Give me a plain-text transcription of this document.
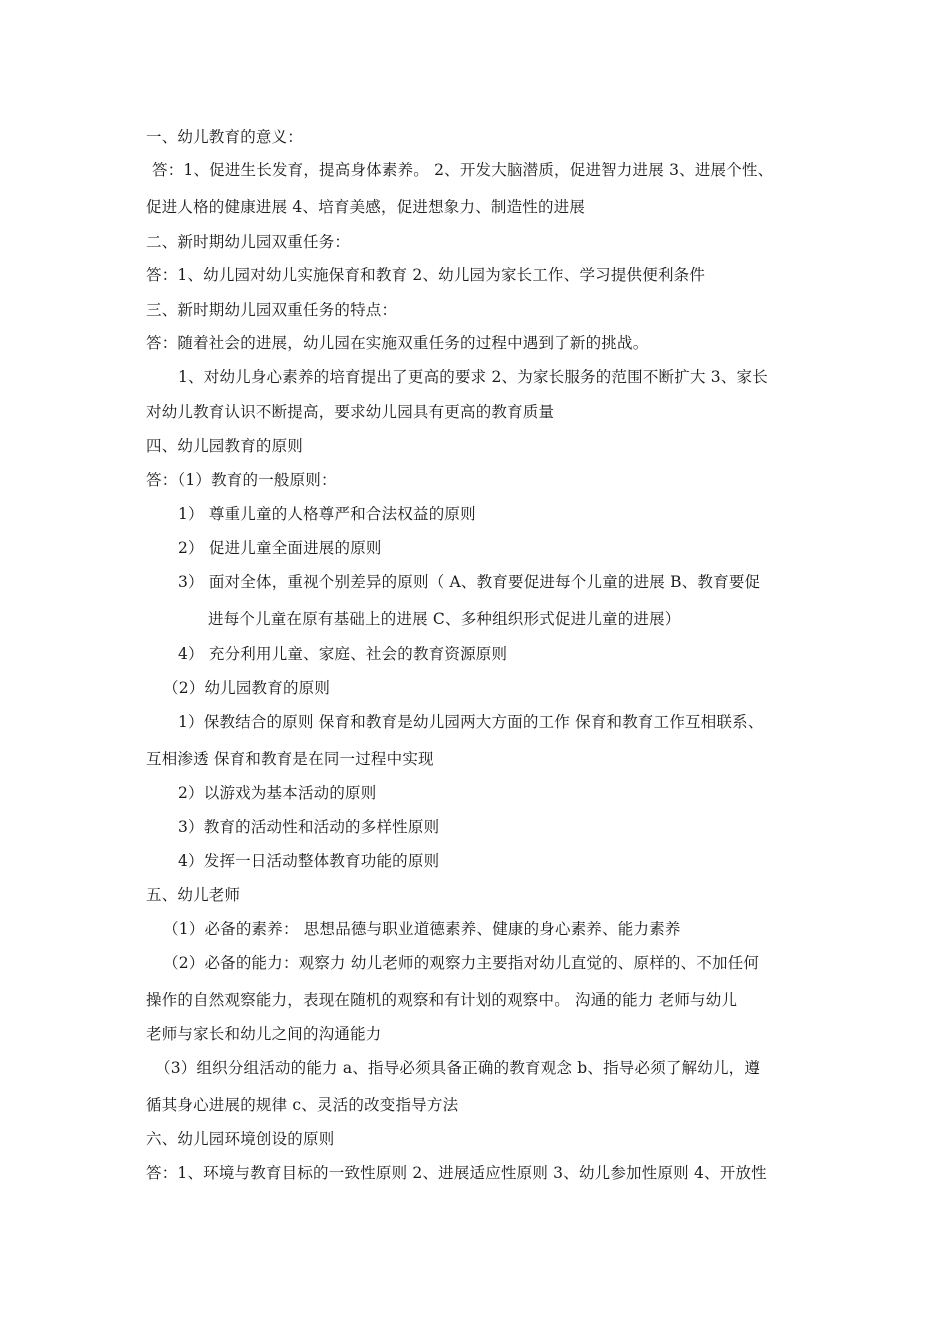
一、幼儿教育的意义：
答：1、促进生长发育，提高身体素养。 2、开发大脑潜质，促进智力进展 3、进展个性、
促进人格的健康进展 4、培育美感，促进想象力、制造性的进展
二、新时期幼儿园双重任务：
答：1、幼儿园对幼儿实施保育和教育 2、幼儿园为家长工作、学习提供便利条件
三、新时期幼儿园双重任务的特点：
答：随着社会的进展，幼儿园在实施双重任务的过程中遇到了新的挑战。
1、对幼儿身心素养的培育提出了更高的要求 2、为家长服务的范围不断扩大 3、家长
对幼儿教育认识不断提高，要求幼儿园具有更高的教育质量
四、幼儿园教育的原则
答：（1）教育的一般原则：
1） 尊重儿童的人格尊严和合法权益的原则
2） 促进儿童全面进展的原则
3） 面对全体，重视个别差异的原则（ A、教育要促进每个儿童的进展 B、教育要促
进每个儿童在原有基础上的进展 C、多种组织形式促进儿童的进展）
4） 充分利用儿童、家庭、社会的教育资源原则
（2）幼儿园教育的原则
1）保教结合的原则 保育和教育是幼儿园两大方面的工作 保育和教育工作互相联系、
互相渗透 保育和教育是在同一过程中实现
2）以游戏为基本活动的原则
3）教育的活动性和活动的多样性原则
4）发挥一日活动整体教育功能的原则
五、幼儿老师
（1）必备的素养： 思想品德与职业道德素养、健康的身心素养、能力素养
（2）必备的能力：观察力 幼儿老师的观察力主要指对幼儿直觉的、原样的、不加任何
操作的自然观察能力，表现在随机的观察和有计划的观察中。 沟通的能力 老师与幼儿
老师与家长和幼儿之间的沟通能力
（3）组织分组活动的能力 a、指导必须具备正确的教育观念 b、指导必须了解幼儿，遵
循其身心进展的规律 c、灵活的改变指导方法
六、幼儿园环境创设的原则
答：1、环境与教育目标的一致性原则 2、进展适应性原则 3、幼儿参加性原则 4、开放性
